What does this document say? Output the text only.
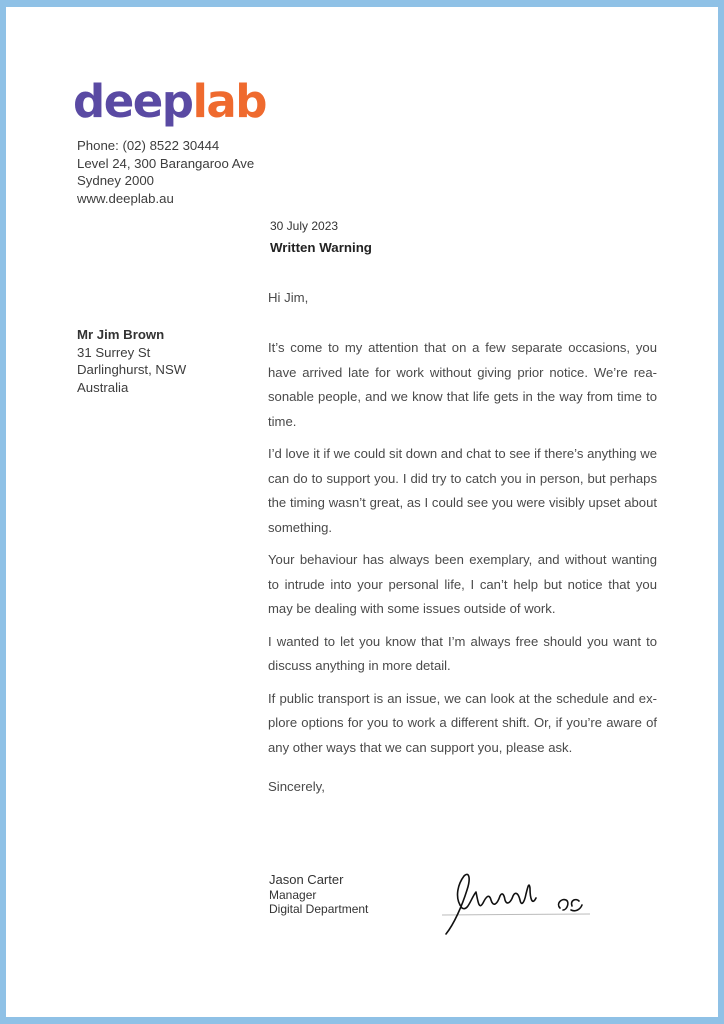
deeplab
Phone: (02) 8522 30444
Level 24, 300 Barangaroo Ave
Sydney 2000
www.deeplab.au
30 July 2023
Written Warning
Hi Jim,
Mr Jim Brown
31 Surrey St
Darlinghurst, NSW
Australia

It’s come to my attention that on a few separate occasions, you have arrived late for work without giving prior notice. We’re reasonable people, and we know that life gets in the way from time to time.

I’d love it if we could sit down and chat to see if there’s anything we can do to support you. I did try to catch you in person, but perhaps the timing wasn’t great, as I could see you were visibly upset about something.

Your behaviour has always been exemplary, and without wanting to intrude into your personal life, I can’t help but notice that you may be dealing with some issues outside of work.

I wanted to let you know that I’m always free should you want to discuss anything in more detail.

If public transport is an issue, we can look at the schedule and explore options for you to work a different shift. Or, if you’re aware of any other ways that we can support you, please ask.

Sincerely,
Jason Carter
Manager
Digital Department
